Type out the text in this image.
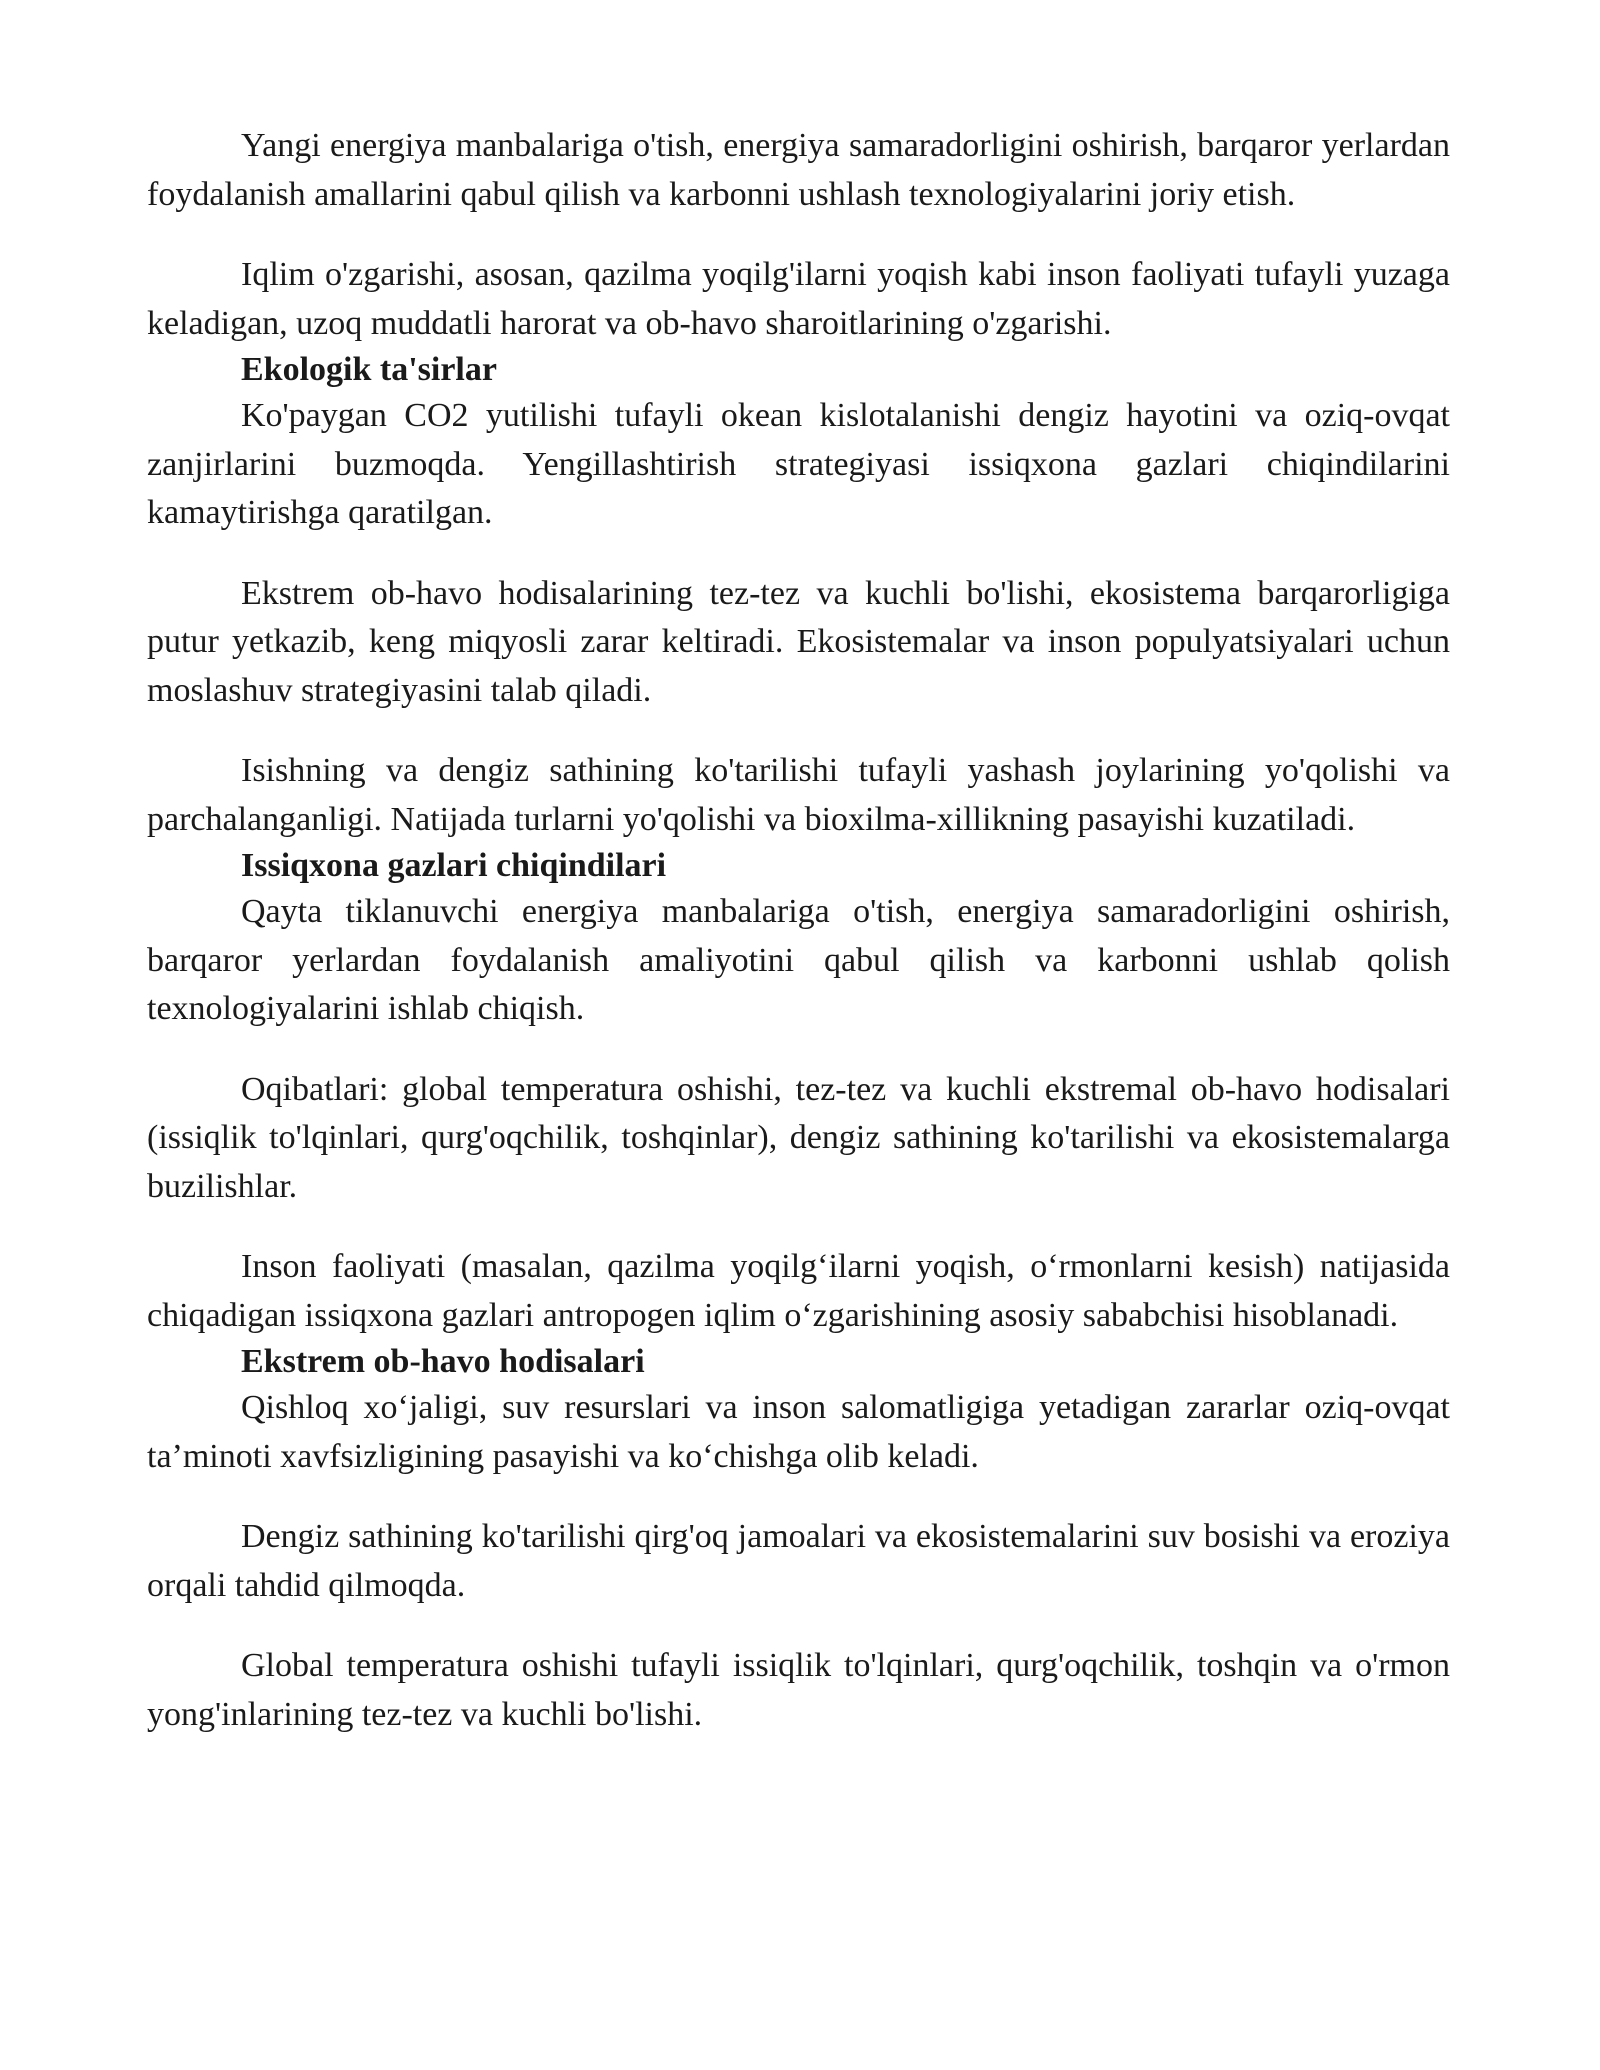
Yangi energiya manbalariga o'tish, energiya samaradorligini oshirish, barqaror yerlardan foydalanish amallarini qabul qilish va karbonni ushlash texnologiyalarini joriy etish.

Iqlim o'zgarishi, asosan, qazilma yoqilg'ilarni yoqish kabi inson faoliyati tufayli yuzaga keladigan, uzoq muddatli harorat va ob-havo sharoitlarining o'zgarishi.

Ekologik ta'sirlar

Ko'paygan CO2 yutilishi tufayli okean kislotalanishi dengiz hayotini va oziq-ovqat zanjirlarini buzmoqda. Yengillashtirish strategiyasi issiqxona gazlari chiqindilarini kamaytirishga qaratilgan.

Ekstrem ob-havo hodisalarining tez-tez va kuchli bo'lishi, ekosistema barqarorligiga putur yetkazib, keng miqyosli zarar keltiradi. Ekosistemalar va inson populyatsiyalari uchun moslashuv strategiyasini talab qiladi.

Isishning va dengiz sathining ko'tarilishi tufayli yashash joylarining yo'qolishi va parchalanganligi. Natijada turlarni yo'qolishi va bioxilma-xillikning pasayishi kuzatiladi.

Issiqxona gazlari chiqindilari

Qayta tiklanuvchi energiya manbalariga o'tish, energiya samaradorligini oshirish, barqaror yerlardan foydalanish amaliyotini qabul qilish va karbonni ushlab qolish texnologiyalarini ishlab chiqish.

Oqibatlari: global temperatura oshishi, tez-tez va kuchli ekstremal ob-havo hodisalari (issiqlik to'lqinlari, qurg'oqchilik, toshqinlar), dengiz sathining ko'tarilishi va ekosistemalarga buzilishlar.

Inson faoliyati (masalan, qazilma yoqilg‘ilarni yoqish, o‘rmonlarni kesish) natijasida chiqadigan issiqxona gazlari antropogen iqlim o‘zgarishining asosiy sababchisi hisoblanadi.

Ekstrem ob-havo hodisalari

Qishloq xo‘jaligi, suv resurslari va inson salomatligiga yetadigan zararlar oziq-ovqat ta’minoti xavfsizligining pasayishi va ko‘chishga olib keladi.

Dengiz sathining ko'tarilishi qirg'oq jamoalari va ekosistemalarini suv bosishi va eroziya orqali tahdid qilmoqda.

Global temperatura oshishi tufayli issiqlik to'lqinlari, qurg'oqchilik, toshqin va o'rmon yong'inlarining tez-tez va kuchli bo'lishi.
